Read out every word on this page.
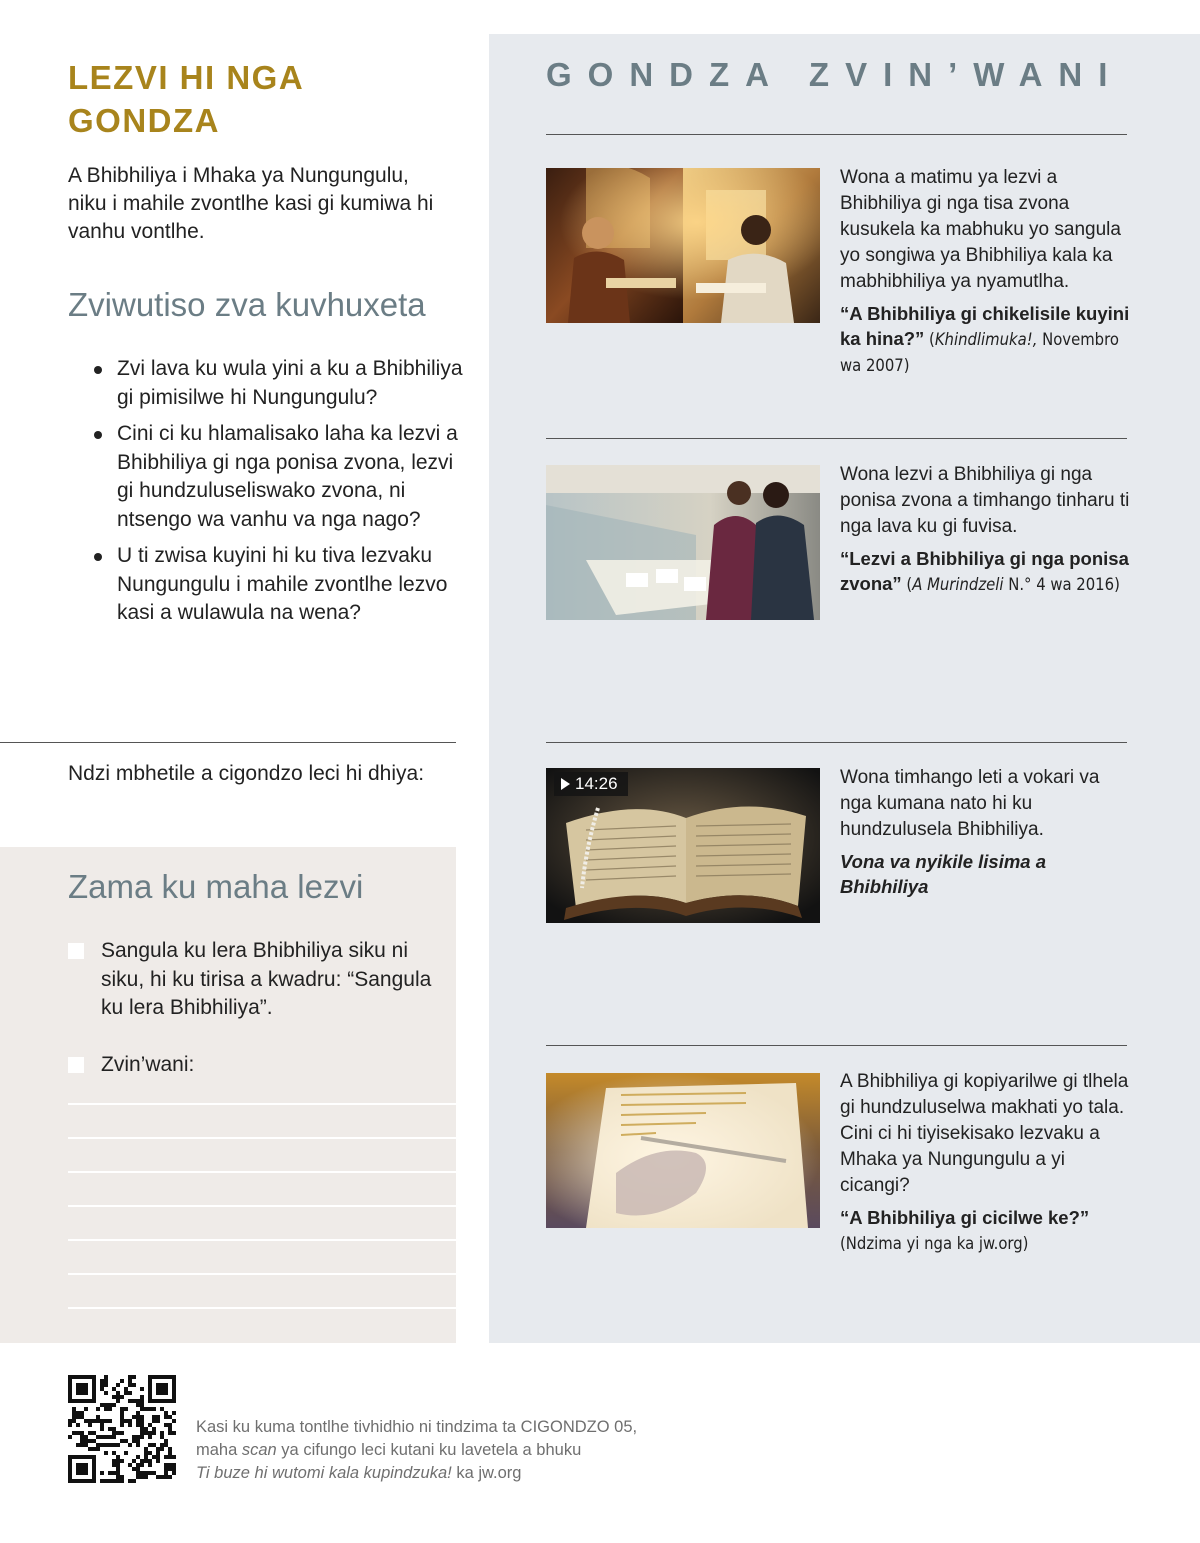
LEZVI HI NGA GONDZA

A Bhibhiliya i Mhaka ya Nungungulu, niku i mahile zvontlhe kasi gi kumiwa hi vanhu vontlhe.

Zviwutiso zva kuvhuxeta
Zvi lava ku wula yini a ku a Bhibhiliya gi pimisilwe hi Nungungulu?
Cini ci ku hlamalisako laha ka lezvi a Bhibhiliya gi nga ponisa zvona, lezvi gi hundzuluseliswako zvona, ni ntsengo wa vanhu va nga nago?
U ti zwisa kuyini hi ku tiva lezvaku Nungungulu i mahile zvontlhe lezvo kasi a wulawula na wena?

Ndzi mbhetile a cigondzo leci hi dhiya:

Zama ku maha lezvi
Sangula ku lera Bhibhiliya siku ni siku, hi ku tirisa a kwadru: “Sangula ku lera Bhibhiliya”.
Zvin’wani:
GONDZA ZVIN’WANI

Wona a matimu ya lezvi a Bhibhiliya gi nga tisa zvona kusukela ka mabhuku yo sangula yo songiwa ya Bhibhiliya kala ka mabhibhiliya ya nyamutlha.

“A Bhibhiliya gi chikelisile kuyini ka hina?” (Khindlimuka!, Novembro wa 2007)

Wona lezvi a Bhibhiliya gi nga ponisa zvona a timhango tinharu ti nga lava ku gi fuvisa.

“Lezvi a Bhibhiliya gi nga ponisa zvona” (A Murindzeli N.° 4 wa 2016)

14:26	Wona timhango leti a vokari va nga kumana nato hi ku hundzulusela Bhibhiliya.

Vona va nyikile lisima a Bhibhiliya

A Bhibhiliya gi kopiyarilwe gi tlhela gi hundzuluselwa makhati yo tala. Cini ci hi tiyisekisako lezvaku a Mhaka ya Nungungulu a yi cicangi?

“A Bhibhiliya gi cicilwe ke?”
(Ndzima yi nga ka jw.org)

Kasi ku kuma tontlhe tivhidhio ni tindzima ta CIGONDZO 05,
maha scan ya cifungo leci kutani ku lavetela a bhuku
Ti buze hi wutomi kala kupindzuka! ka jw.org
